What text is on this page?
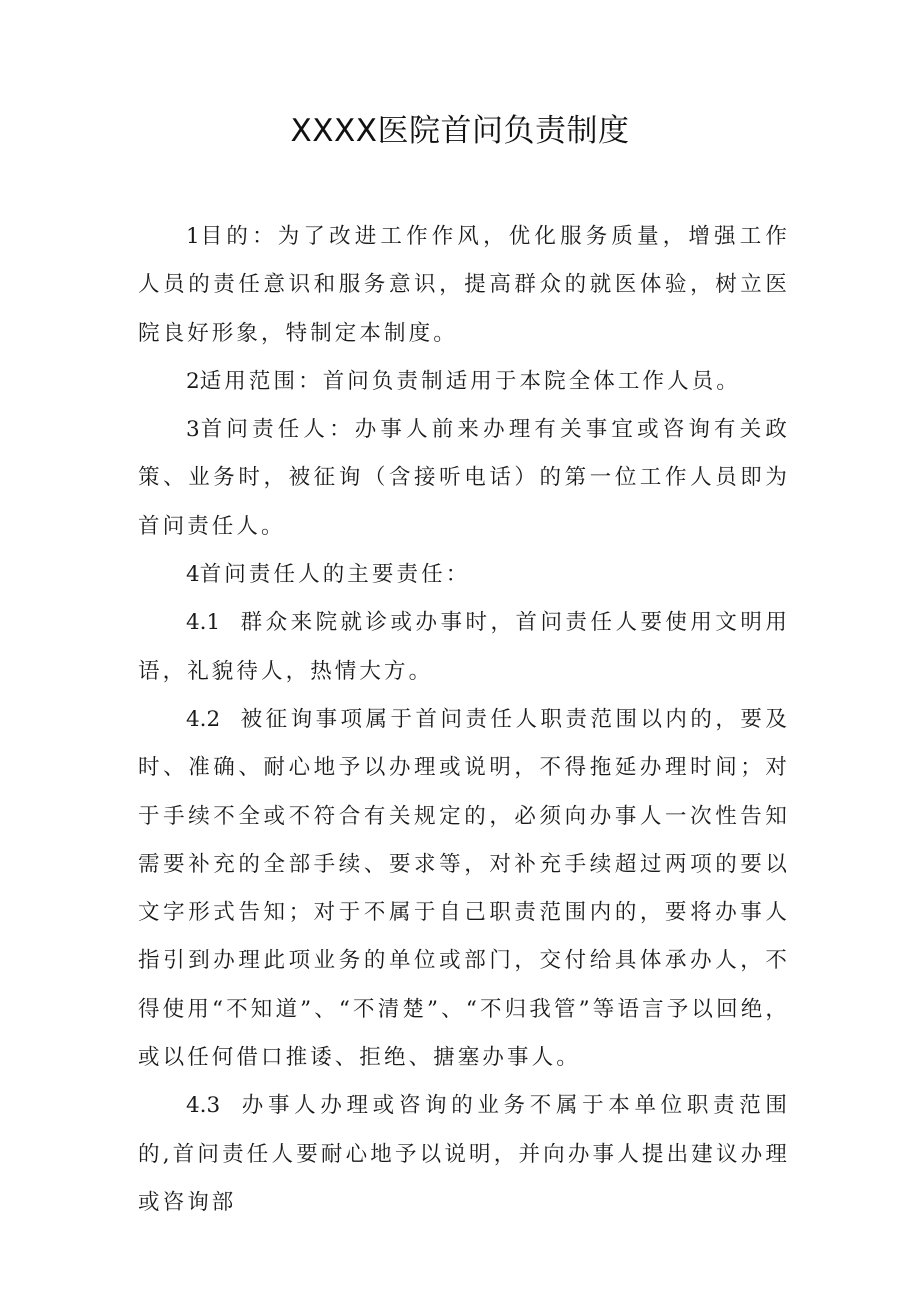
XXXX医院首问负责制度

1目的：为了改进工作作风，优化服务质量，增强工作人员的责任意识和服务意识，提高群众的就医体验，树立医院良好形象，特制定本制度。

2适用范围：首问负责制适用于本院全体工作人员。

3首问责任人：办事人前来办理有关事宜或咨询有关政策、业务时，被征询（含接听电话）的第一位工作人员即为首问责任人。

4首问责任人的主要责任：

4.1 群众来院就诊或办事时，首问责任人要使用文明用语，礼貌待人，热情大方。

4.2 被征询事项属于首问责任人职责范围以内的，要及时、准确、耐心地予以办理或说明，不得拖延办理时间；对于手续不全或不符合有关规定的，必须向办事人一次性告知需要补充的全部手续、要求等，对补充手续超过两项的要以文字形式告知；对于不属于自己职责范围内的，要将办事人指引到办理此项业务的单位或部门，交付给具体承办人，不得使用“不知道”、“不清楚”、“不归我管”等语言予以回绝，或以任何借口推诿、拒绝、搪塞办事人。

4.3 办事人办理或咨询的业务不属于本单位职责范围的,首问责任人要耐心地予以说明，并向办事人提出建议办理或咨询部
